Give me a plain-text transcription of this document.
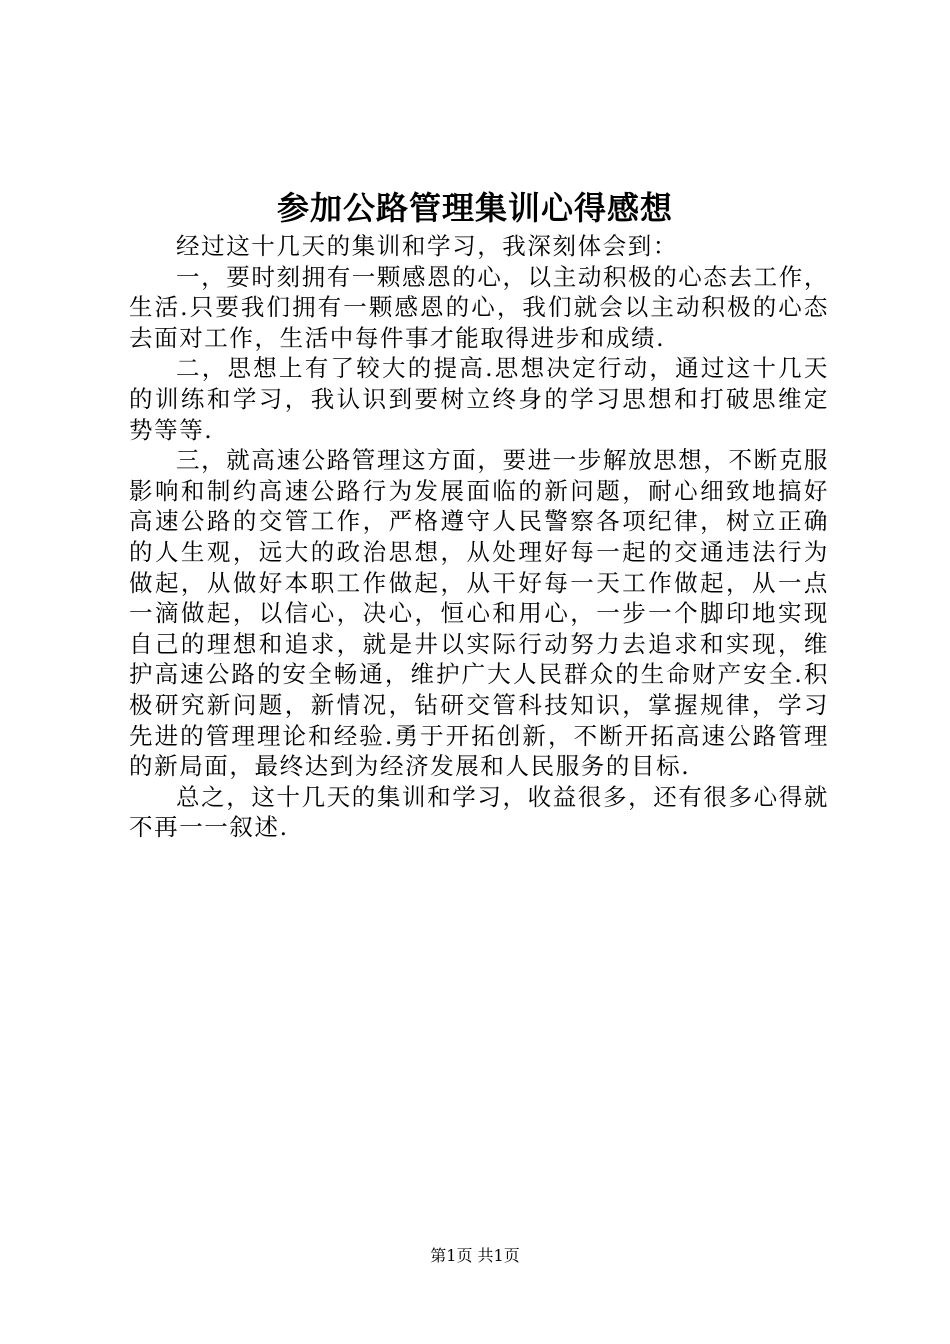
参加公路管理集训心得感想

经过这十几天的集训和学习，我深刻体会到：

一，要时刻拥有一颗感恩的心，以主动积极的心态去工作，生活.只要我们拥有一颗感恩的心，我们就会以主动积极的心态去面对工作，生活中每件事才能取得进步和成绩.

二，思想上有了较大的提高.思想决定行动，通过这十几天的训练和学习，我认识到要树立终身的学习思想和打破思维定势等等.

三，就高速公路管理这方面，要进一步解放思想，不断克服影响和制约高速公路行为发展面临的新问题，耐心细致地搞好高速公路的交管工作，严格遵守人民警察各项纪律，树立正确的人生观，远大的政治思想，从处理好每一起的交通违法行为做起，从做好本职工作做起，从干好每一天工作做起，从一点一滴做起，以信心，决心，恒心和用心，一步一个脚印地实现自己的理想和追求，就是井以实际行动努力去追求和实现，维护高速公路的安全畅通，维护广大人民群众的生命财产安全.积极研究新问题，新情况，钻研交管科技知识，掌握规律，学习先进的管理理论和经验.勇于开拓创新，不断开拓高速公路管理的新局面，最终达到为经济发展和人民服务的目标.

总之，这十几天的集训和学习，收益很多，还有很多心得就不再一一叙述.

第1页 共1页
